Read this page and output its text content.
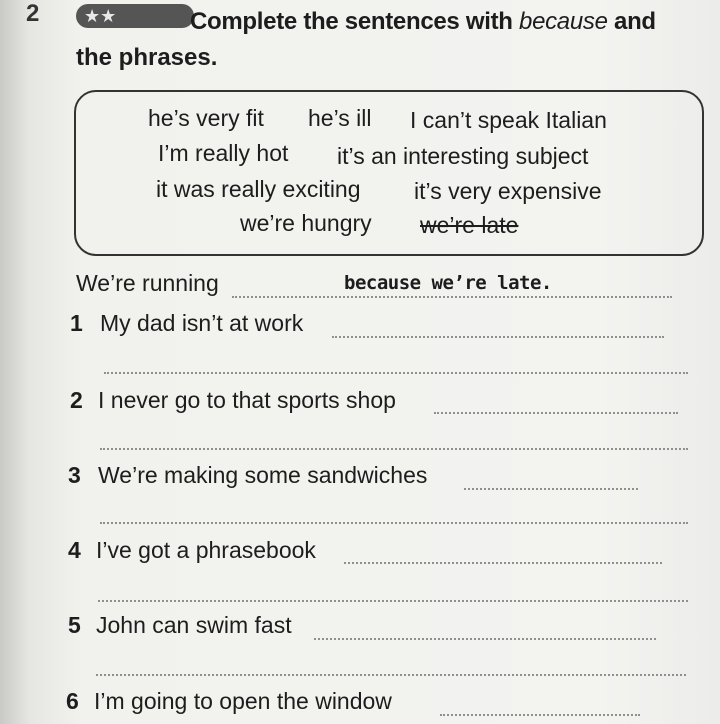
2	★★	Complete the sentences with because and
the phrases.
he’s very fit he’s ill I can’t speak Italian
I’m really hot it’s an interesting subject
it was really exciting it’s very expensive
we’re hungry we’re late
We’re running	because we’re late.
1 My dad isn’t at work
2 I never go to that sports shop
3 We’re making some sandwiches
4 I’ve got a phrasebook
5 John can swim fast
6 I’m going to open the window
